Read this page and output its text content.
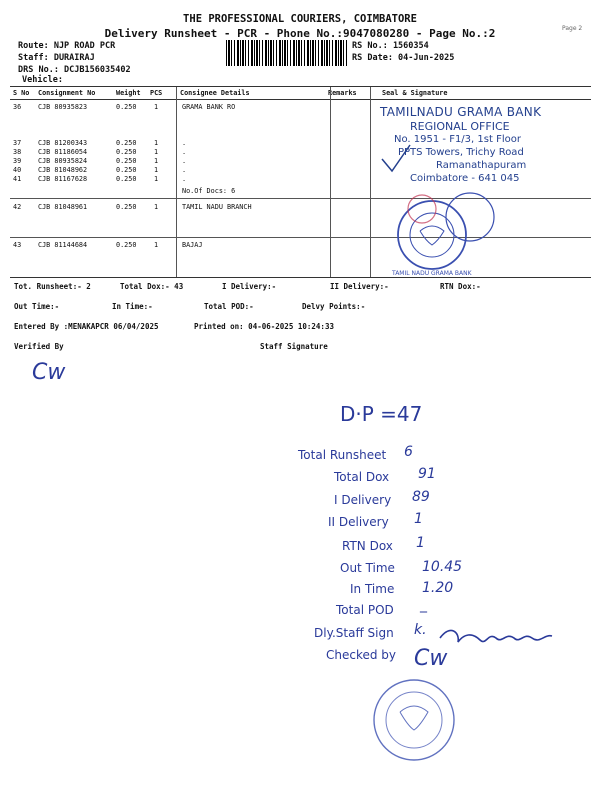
THE PROFESSIONAL COURIERS, COIMBATORE
Delivery Runsheet - PCR - Phone No.:9047080280 - Page No.:2	Page 2
Route: NJP ROAD PCR
Staff: DURAIRAJ
DRS No.: DCJB156035402
Vehicle:
RS No.: 1560354
RS Date: 04-Jun-2025
S No Consignment No	Weight PCS	Consignee Details	Remarks	Seal & Signature
36 CJB 80935823	0.250	1	GRAMA BANK RO
37 CJB 81200343	0.250	1	.
38 CJB 81186054	0.250	1	.
39 CJB 80935824	0.250	1	.
40 CJB 81048962	0.250	1	.
41 CJB 81167628	0.250	1	.
No.Of Docs: 6
42 CJB 81048961	0.250	1	TAMIL NADU BRANCH
43 CJB 81144684	0.250	1	BAJAJ
TAMILNADU GRAMA BANK
REGIONAL OFFICE
No. 1951 - F1/3, 1st Floor
PPTS Towers, Trichy Road
Ramanathapuram
Coimbatore - 641 045
TAMIL NADU GRAMA BANK
Tot. Runsheet:- 2	Total Dox:- 43	I Delivery:-	II Delivery:-	RTN Dox:-
Out Time:-	In Time:-	Total POD:-	Delvy Points:-
Entered By :MENAKAPCR 06/04/2025	Printed on: 04-06-2025 10:24:33
Verified By	Staff Signature
Cw
D·P =47
Total Runsheet 6
Total Dox 91
I Delivery 89
II Delivery 1
RTN Dox 1
Out Time 10.45
In Time 1.20
Total POD _
Dly.Staff Sign k.
Checked by Cw
